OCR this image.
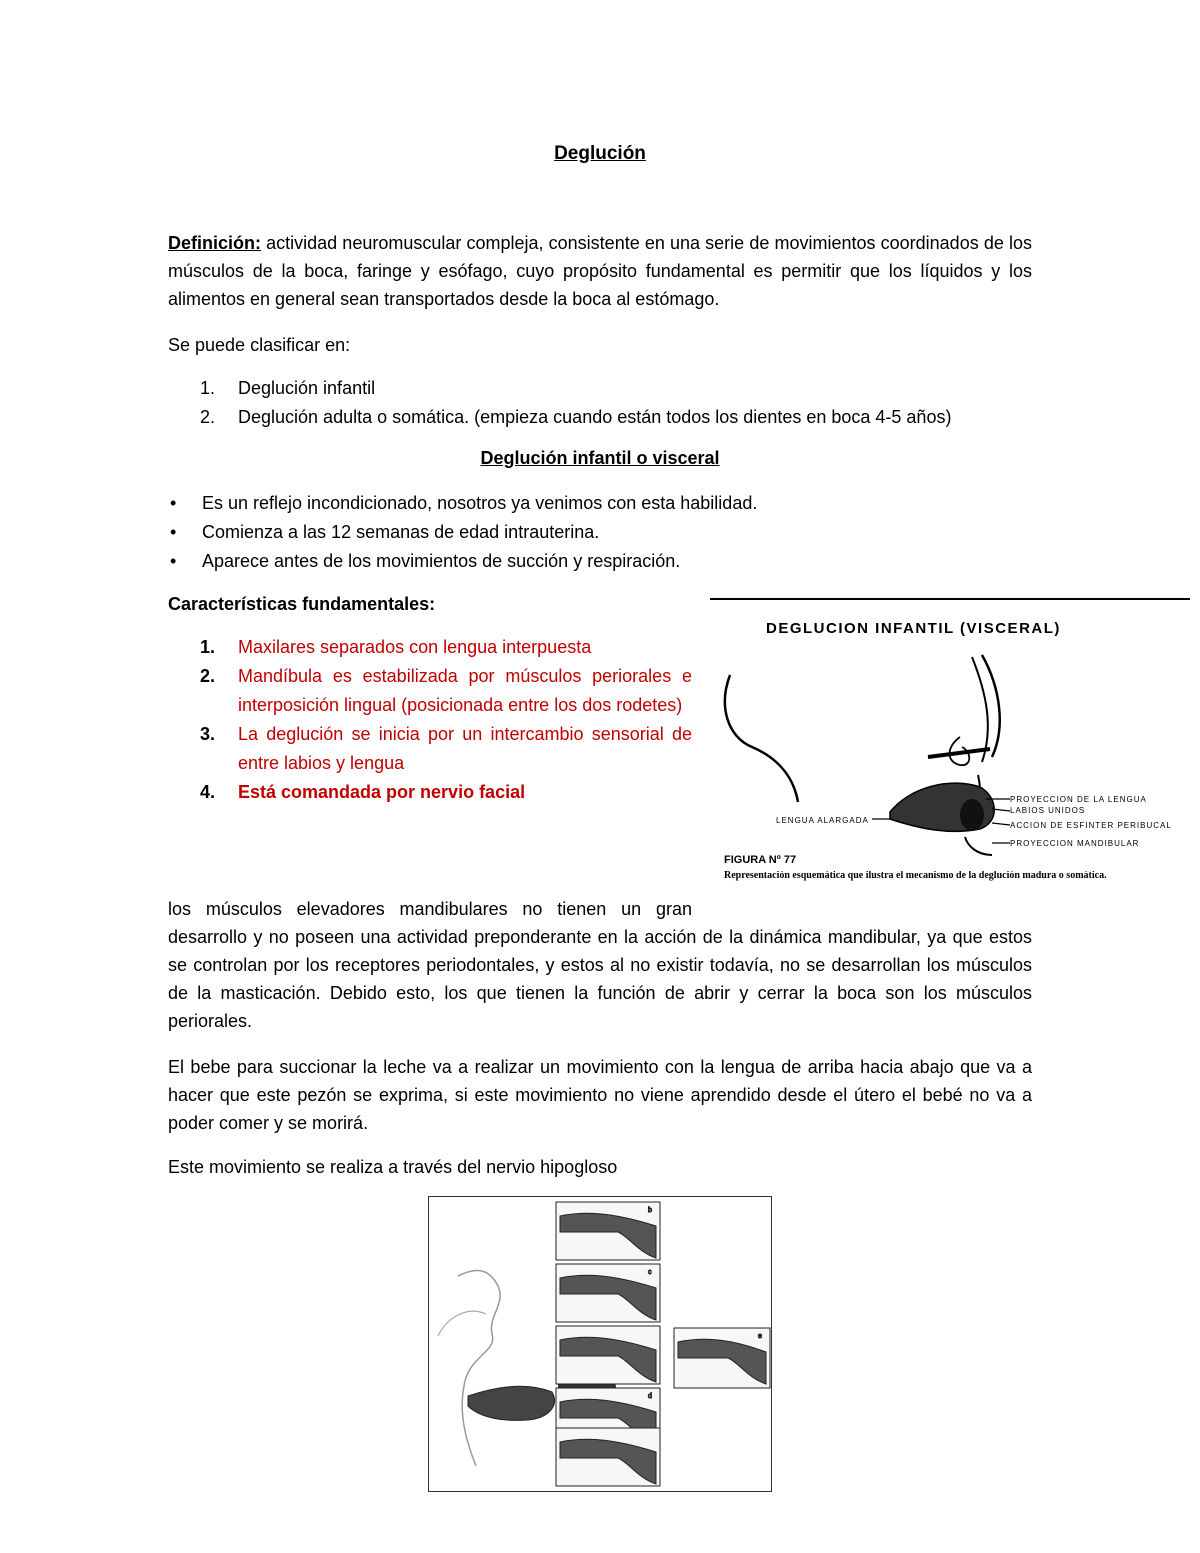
Deglución
Definición: actividad neuromuscular compleja, consistente en una serie de movimientos coordinados de los músculos de la boca, faringe y esófago, cuyo propósito fundamental es permitir que los líquidos y los alimentos en general sean transportados desde la boca al estómago.
Se puede clasificar en:
1. Deglución infantil
2. Deglución adulta o somática. (empieza cuando están todos los dientes en boca 4-5 años)
Deglución infantil o visceral
• Es un reflejo incondicionado, nosotros ya venimos con esta habilidad.
• Comienza a las 12 semanas de edad intrauterina.
• Aparece antes de los movimientos de succión y respiración.
Características fundamentales:
1. Maxilares separados con lengua interpuesta
2. Mandíbula es estabilizada por músculos periorales e interposición lingual (posicionada entre los dos rodetes)
3. La deglución se inicia por un intercambio sensorial de entre labios y lengua
4. Está comandada por nervio facial
DEGLUCION INFANTIL (VISCERAL)
LENGUA ALARGADA
PROYECCION DE LA LENGUA
LABIOS UNIDOS
ACCION DE ESFINTER PERIBUCAL
PROYECCION MANDIBULAR
FIGURA Nº 77
Representación esquemática que ilustra el mecanismo de la deglución madura o somática.
los músculos elevadores mandibulares no tienen un gran desarrollo y no poseen una actividad preponderante en la acción de la dinámica mandibular, ya que estos se controlan por los receptores periodontales, y estos al no existir todavía, no se desarrollan los músculos de la masticación. Debido esto, los que tienen la función de abrir y cerrar la boca son los músculos periorales.
El bebe para succionar la leche va a realizar un movimiento con la lengua de arriba hacia abajo que va a hacer que este pezón se exprima, si este movimiento no viene aprendido desde el útero el bebé no va a poder comer y se morirá.
Este movimiento se realiza a través del nervio hipogloso
b
c
d
e
